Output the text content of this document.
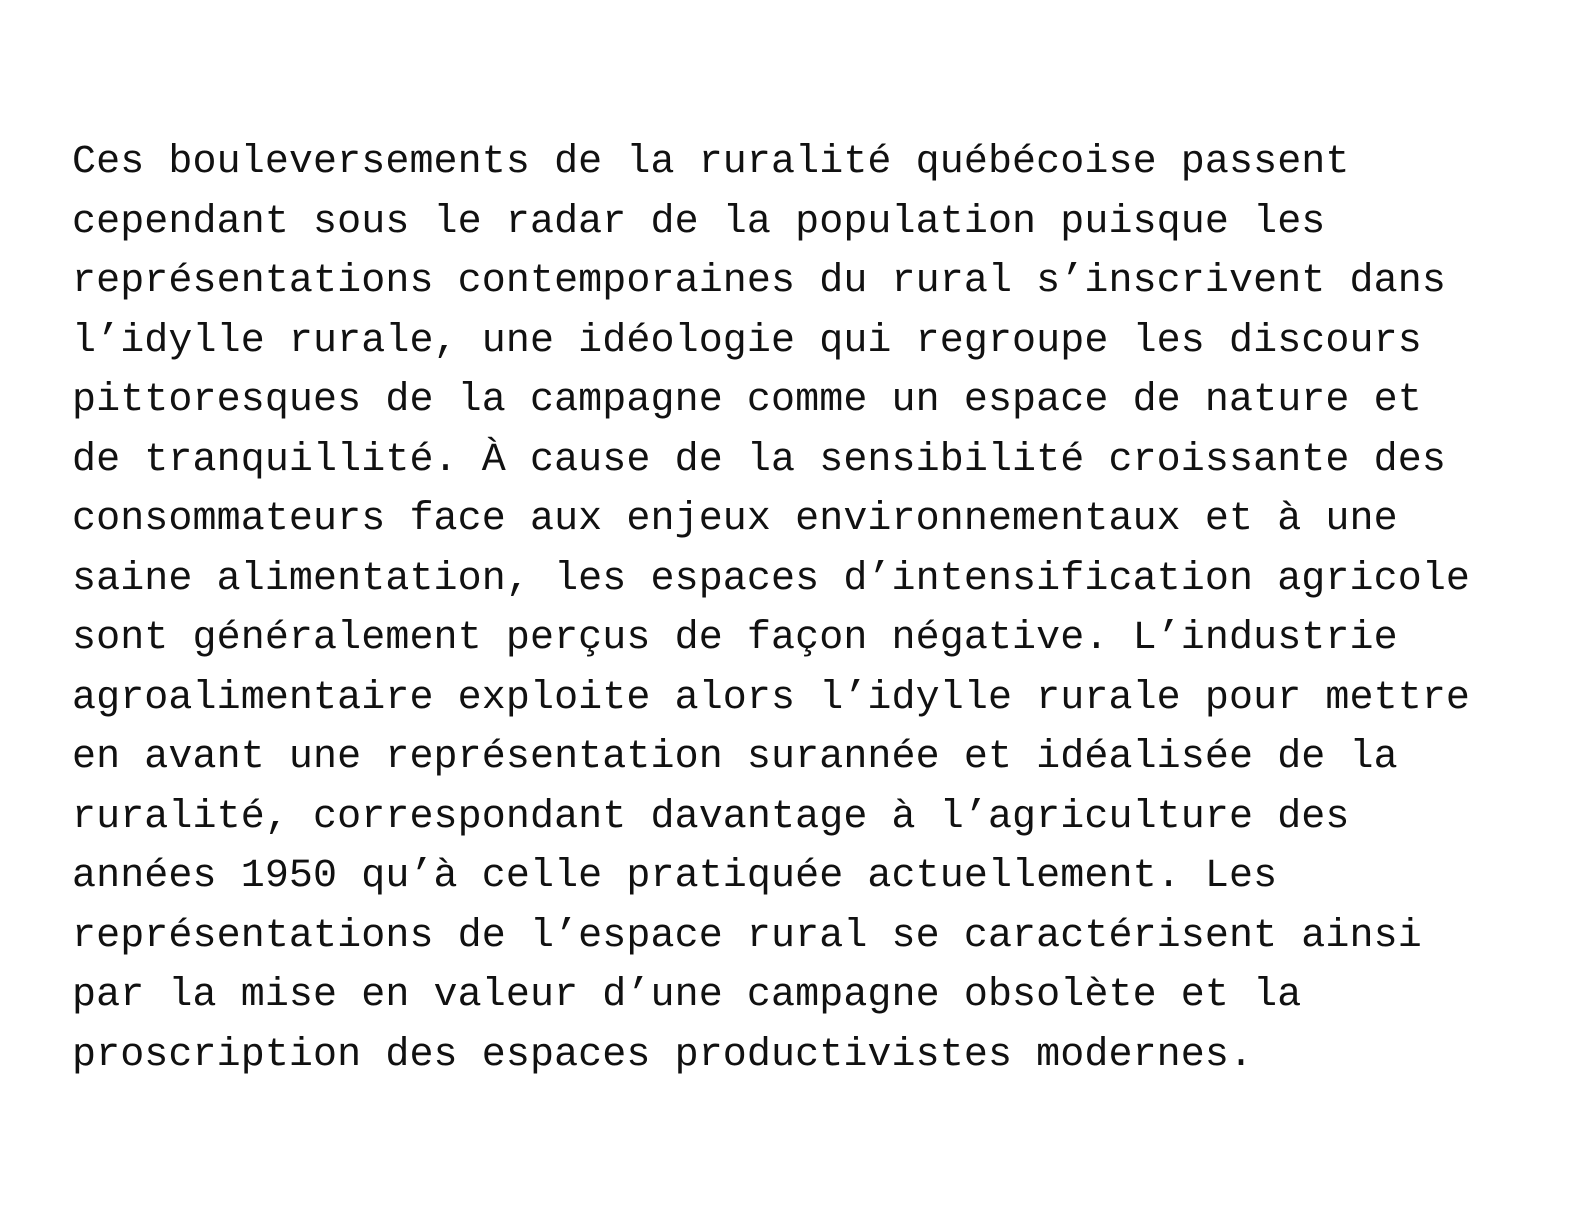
Ces bouleversements de la ruralité québécoise passent
cependant sous le radar de la population puisque les
représentations contemporaines du rural s’inscrivent dans
l’idylle rurale, une idéologie qui regroupe les discours
pittoresques de la campagne comme un espace de nature et
de tranquillité. À cause de la sensibilité croissante des
consommateurs face aux enjeux environnementaux et à une
saine alimentation, les espaces d’intensification agricole
sont généralement perçus de façon négative. L’industrie
agroalimentaire exploite alors l’idylle rurale pour mettre
en avant une représentation surannée et idéalisée de la
ruralité, correspondant davantage à l’agriculture des
années 1950 qu’à celle pratiquée actuellement. Les
représentations de l’espace rural se caractérisent ainsi
par la mise en valeur d’une campagne obsolète et la
proscription des espaces productivistes modernes.
